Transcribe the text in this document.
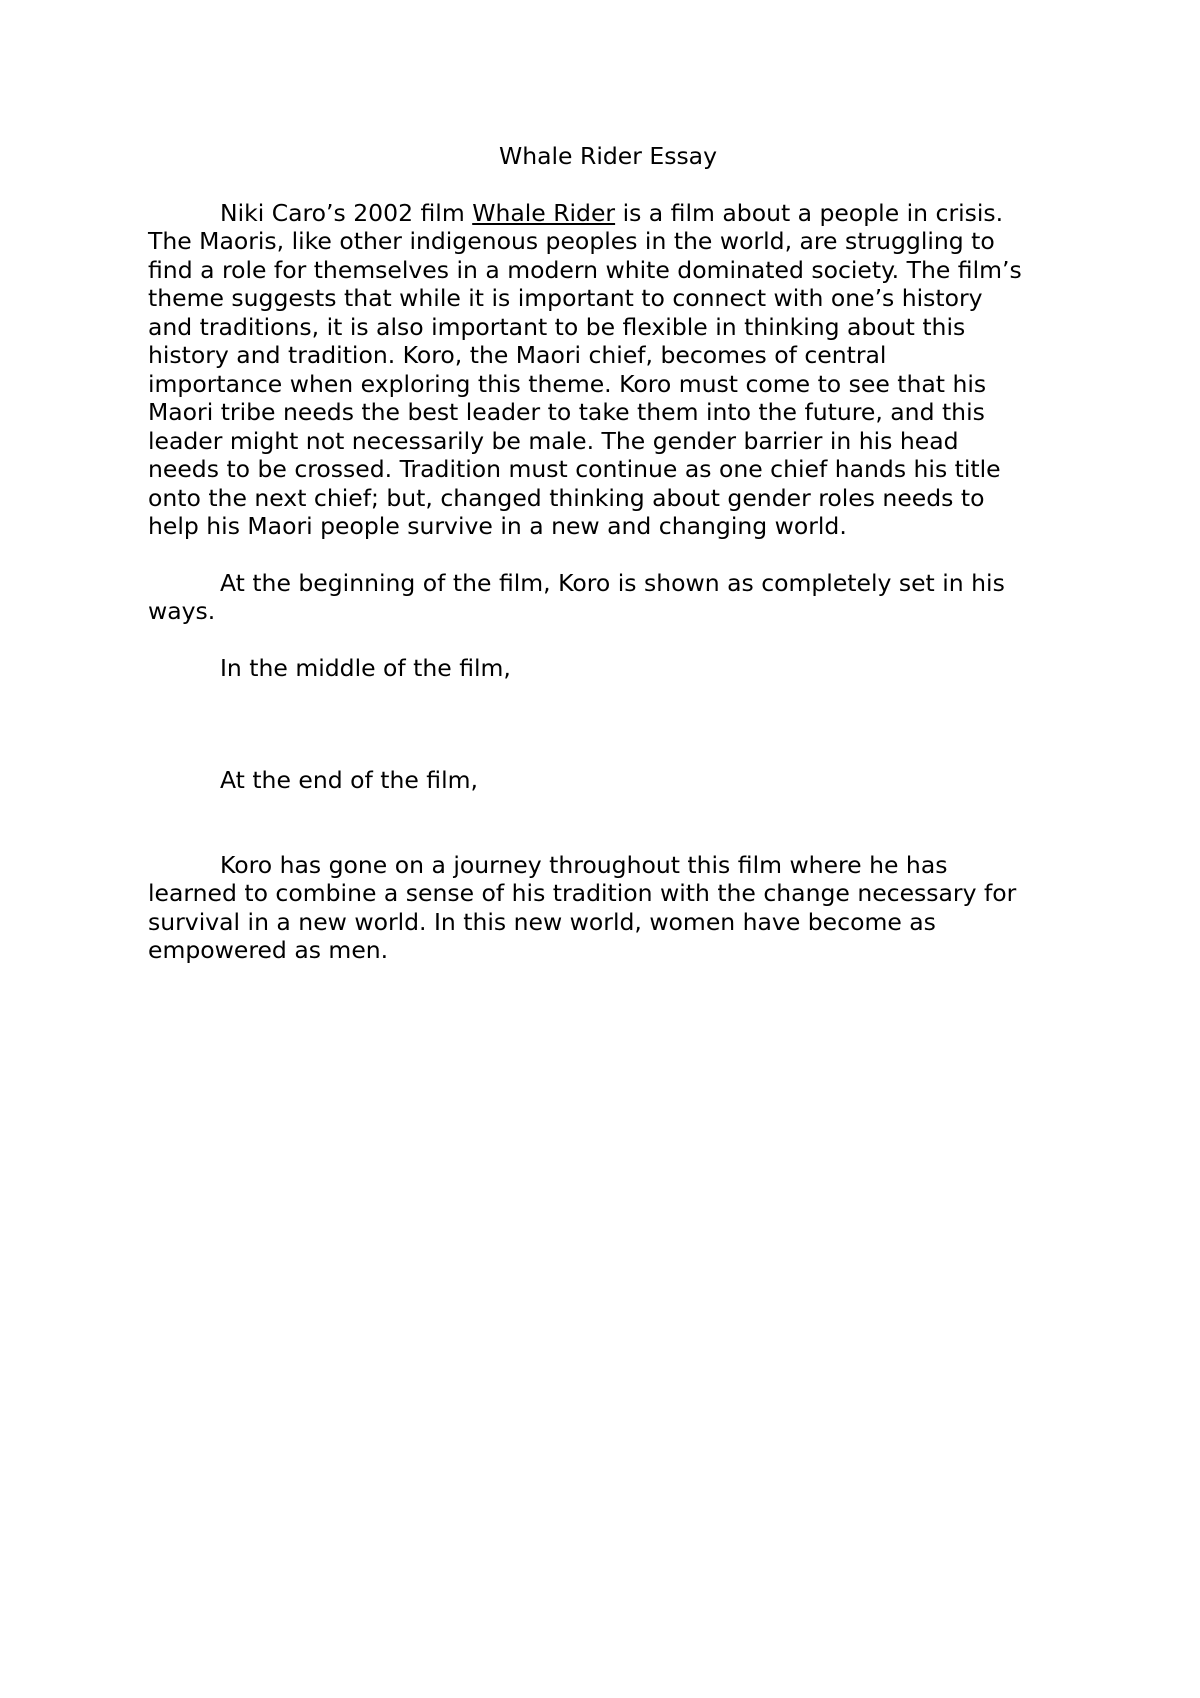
Whale Rider Essay
Niki Caro’s 2002 film Whale Rider is a film about a people in crisis.
The Maoris, like other indigenous peoples in the world, are struggling to
find a role for themselves in a modern white dominated society. The film’s
theme suggests that while it is important to connect with one’s history
and traditions, it is also important to be flexible in thinking about this
history and tradition. Koro, the Maori chief, becomes of central
importance when exploring this theme. Koro must come to see that his
Maori tribe needs the best leader to take them into the future, and this
leader might not necessarily be male. The gender barrier in his head
needs to be crossed. Tradition must continue as one chief hands his title
onto the next chief; but, changed thinking about gender roles needs to
help his Maori people survive in a new and changing world.
At the beginning of the film, Koro is shown as completely set in his
ways.
In the middle of the film,
At the end of the film,
Koro has gone on a journey throughout this film where he has
learned to combine a sense of his tradition with the change necessary for
survival in a new world. In this new world, women have become as
empowered as men.
